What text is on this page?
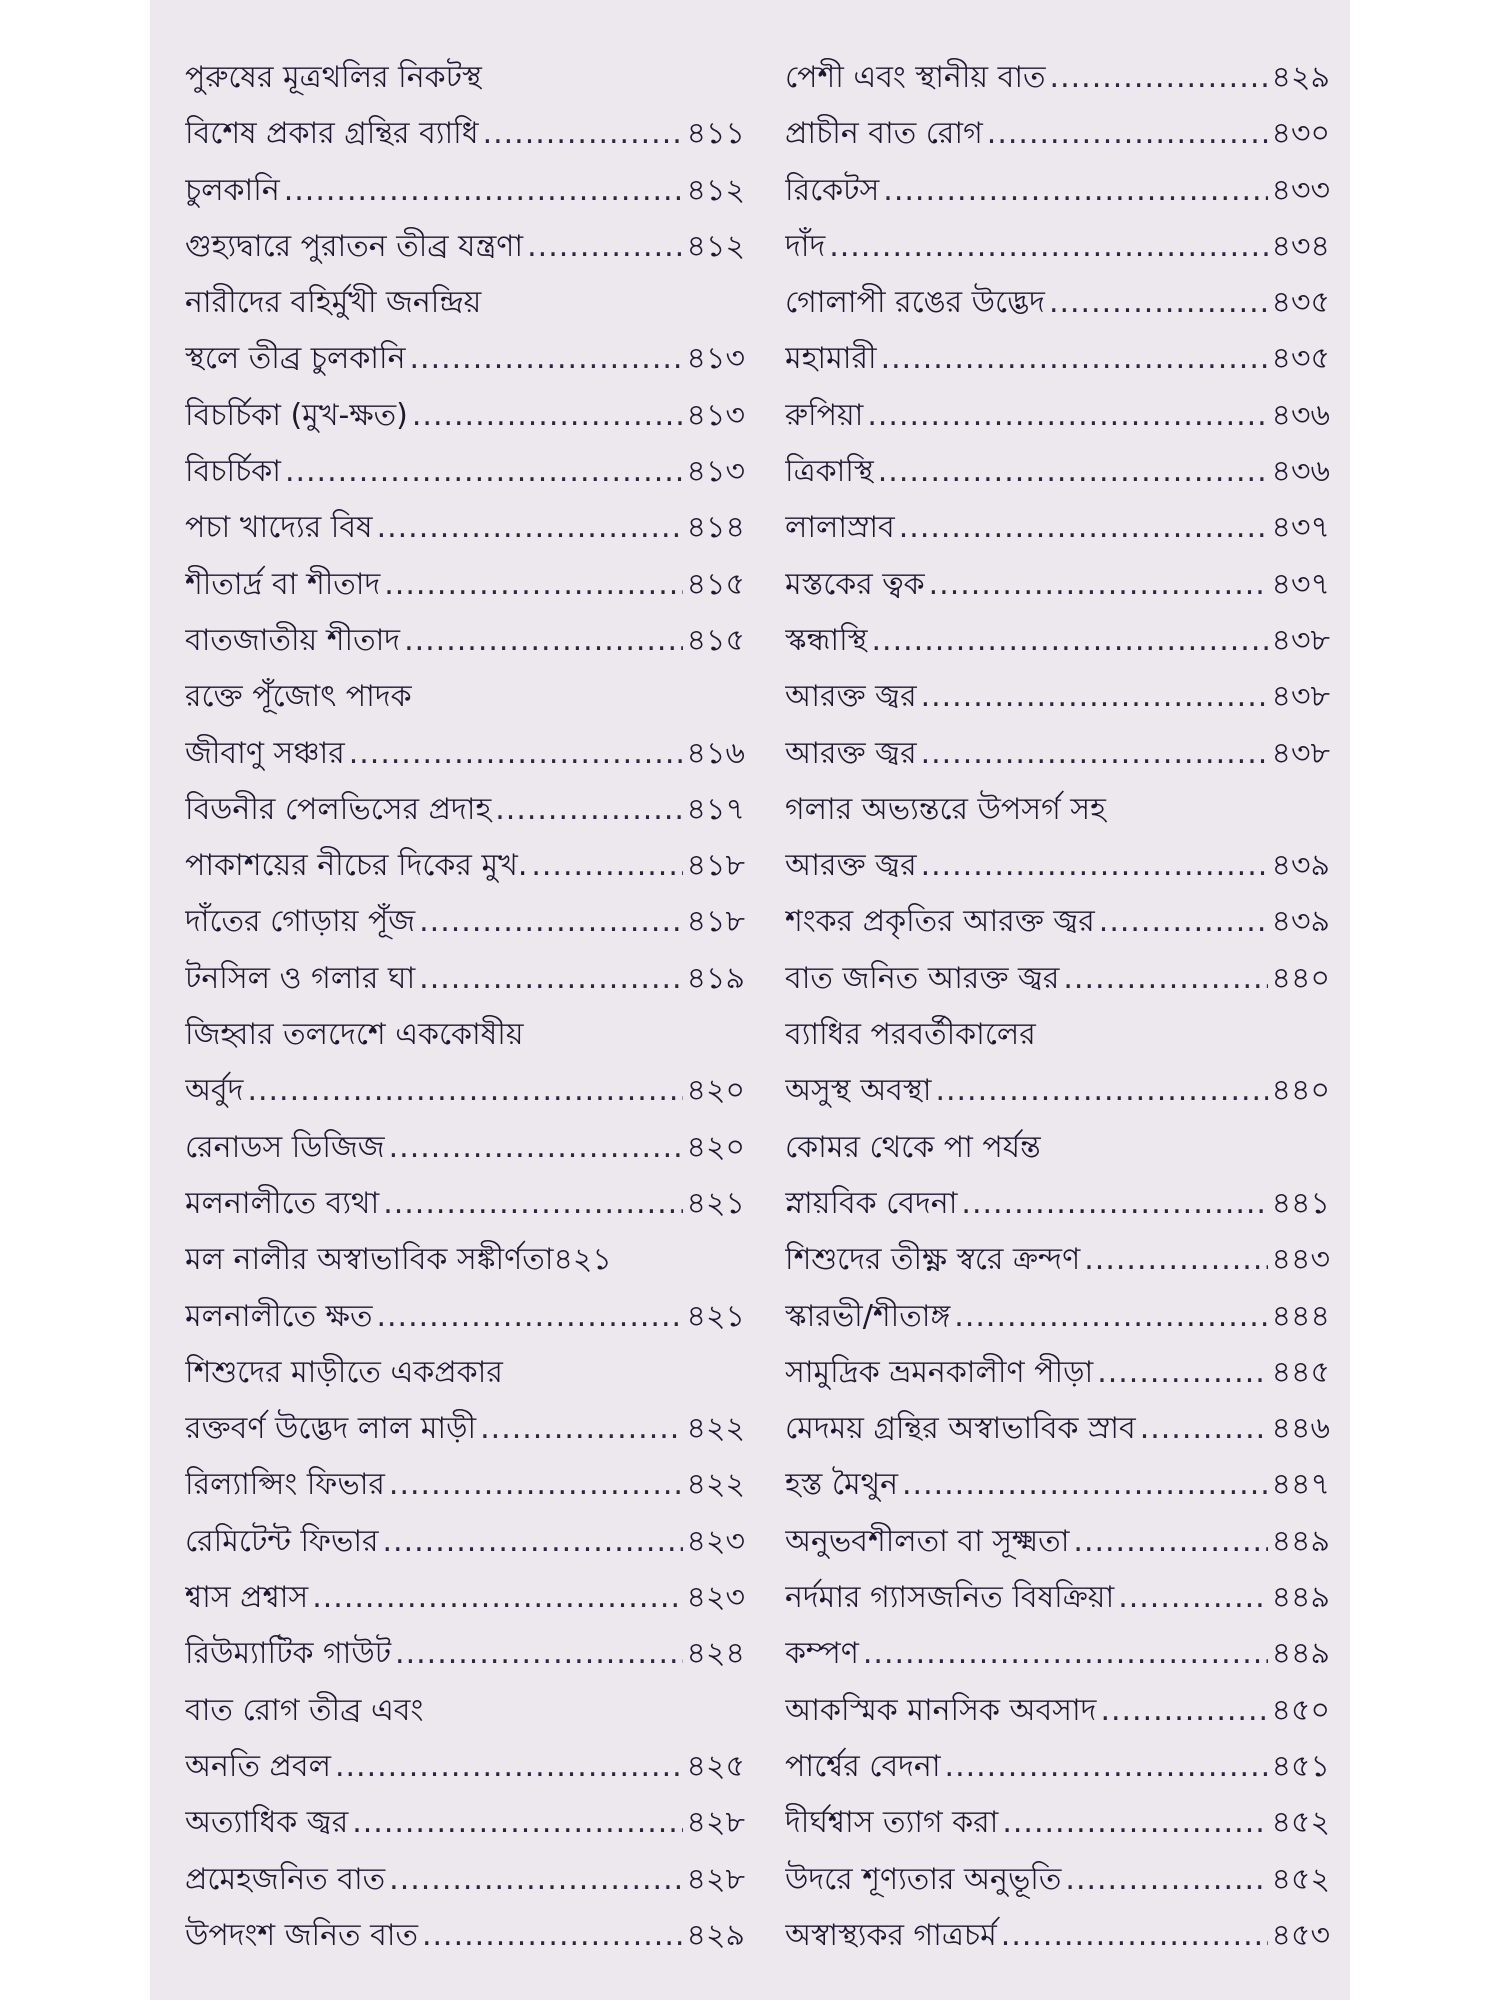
পুরুষের মূত্রথলির নিকটস্থ
বিশেষ প্রকার গ্রন্থির ব্যাধি .....	৪১১
চুলকানি .....	৪১২
গুহ্যদ্বারে পুরাতন তীব্র যন্ত্রণা .....	৪১২
নারীদের বহির্মুখী জনন্দ্রিয়
স্থলে তীব্র চুলকানি .....	৪১৩
বিচর্চিকা (মুখ-ক্ষত) .....	৪১৩
বিচর্চিকা .....	৪১৩
পচা খাদ্যের বিষ .....	৪১৪
শীতার্দ্র বা শীতাদ .....	৪১৫
বাতজাতীয় শীতাদ .....	৪১৫
রক্তে পূঁজোৎ পাদক
জীবাণু সঞ্চার .....	৪১৬
বিডনীর পেলভিসের প্রদাহ .....	৪১৭
পাকাশয়ের নীচের দিকের মুখ. .....	৪১৮
দাঁতের গোড়ায় পূঁজ .....	৪১৮
টনসিল ও গলার ঘা .....	৪১৯
জিহ্বার তলদেশে এককোষীয়
অর্বুদ .....	৪২০
রেনাডস ডিজিজ .....	৪২০
মলনালীতে ব্যথা .....	৪২১
মল নালীর অস্বাভাবিক সঙ্কীর্ণতা৪২১
মলনালীতে ক্ষত .....	৪২১
শিশুদের মাড়ীতে একপ্রকার
রক্তবর্ণ উদ্ভেদ লাল মাড়ী .....	৪২২
রিল্যাপ্সিং ফিভার .....	৪২২
রেমিটেন্ট ফিভার .....	৪২৩
শ্বাস প্রশ্বাস .....	৪২৩
রিউম্যাটিক গাউট .....	৪২৪
বাত রোগ তীব্র এবং
অনতি প্রবল .....	৪২৫
অত্যাধিক জ্বর .....	৪২৮
প্রমেহজনিত বাত .....	৪২৮
উপদংশ জনিত বাত .....	৪২৯
পেশী এবং স্থানীয় বাত .....	৪২৯
প্রাচীন বাত রোগ .....	৪৩০
রিকেটস .....	৪৩৩
দাঁদ .....	৪৩৪
গোলাপী রঙের উদ্ভেদ .....	৪৩৫
মহামারী .....	৪৩৫
রুপিয়া .....	৪৩৬
ত্রিকাস্থি .....	৪৩৬
লালাস্রাব .....	৪৩৭
মস্তকের ত্বক .....	৪৩৭
স্কন্ধাস্থি .....	৪৩৮
আরক্ত জ্বর .....	৪৩৮
আরক্ত জ্বর .....	৪৩৮
গলার অভ্যন্তরে উপসর্গ সহ
আরক্ত জ্বর .....	৪৩৯
শংকর প্রকৃতির আরক্ত জ্বর .....	৪৩৯
বাত জনিত আরক্ত জ্বর .....	৪৪০
ব্যাধির পরবর্তীকালের
অসুস্থ অবস্থা .....	৪৪০
কোমর থেকে পা পর্যন্ত
স্নায়বিক বেদনা .....	৪৪১
শিশুদের তীক্ষ্ণ স্বরে ক্রন্দণ .....	৪৪৩
স্কারভী/শীতাঙ্গ .....	৪৪৪
সামুদ্রিক ভ্রমনকালীণ পীড়া .....	৪৪৫
মেদময় গ্রন্থির অস্বাভাবিক স্রাব .....	৪৪৬
হস্ত মৈথুন .....	৪৪৭
অনুভবশীলতা বা সূক্ষ্মতা .....	৪৪৯
নর্দমার গ্যাসজনিত বিষক্রিয়া .....	৪৪৯
কম্পণ .....	৪৪৯
আকস্মিক মানসিক অবসাদ .....	৪৫০
পার্শ্বের বেদনা .....	৪৫১
দীর্ঘশ্বাস ত্যাগ করা .....	৪৫২
উদরে শূণ্যতার অনুভূতি .....	৪৫২
অস্বাস্থ্যকর গাত্রচর্ম .....	৪৫৩
